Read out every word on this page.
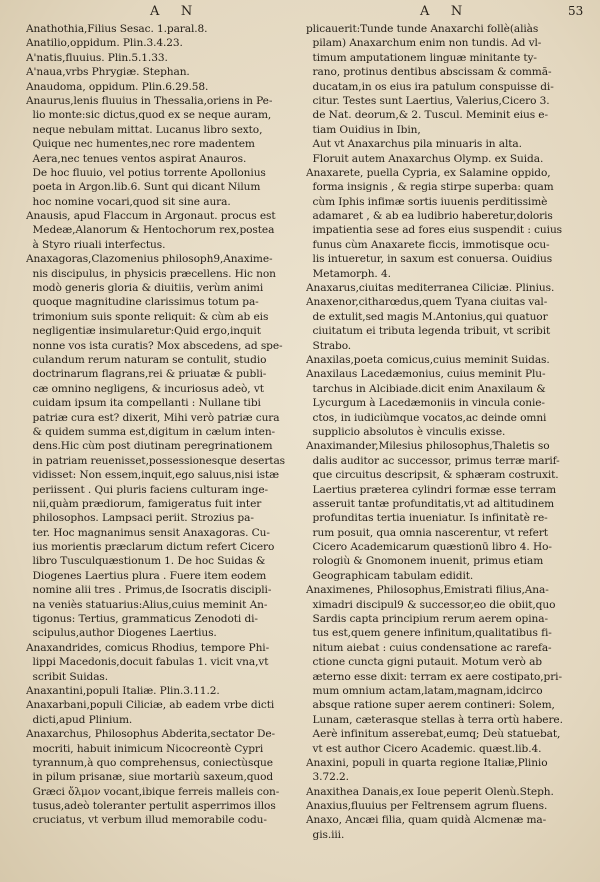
A    N	A    N	53
Anathothia,Filius Sesac. 1.paral.8.
Anatilio,oppidum. Plin.3.4.23.
A'natis,fluuius. Plin.5.1.33.
A'naua,vrbs Phrygiæ. Stephan.
Anaudoma, oppidum. Plin.6.29.58.
Anaurus,lenis fluuius in Thessalia,oriens in Pe-
lio monte:sic dictus,quod ex se neque auram,
neque nebulam mittat. Lucanus libro sexto,
Quique nec humentes,nec rore madentem
Aera,nec tenues ventos aspirat Anauros.
De hoc fluuio, vel potius torrente Apollonius
poeta in Argon.lib.6. Sunt qui dicant Nilum
hoc nomine vocari,quod sit sine aura.
Anausis, apud Flaccum in Argonaut. procus est
Medeæ,Alanorum & Hentochorum rex,postea
à Styro riuali interfectus.
Anaxagoras,Clazomenius philosoph9,Anaxime-
nis discipulus, in physicis præcellens. Hic non
modò generis gloria & diuitiis, verùm animi
quoque magnitudine clarissimus totum pa-
trimonium suis sponte reliquit: & cùm ab eis
negligentiæ insimularetur:Quid ergo,inquit
nonne vos ista curatis? Mox abscedens, ad spe-
culandum rerum naturam se contulit, studio
doctrinarum flagrans,rei & priuatæ & publi-
cæ omnino negligens, & incuriosus adeò, vt
cuidam ipsum ita compellanti : Nullane tibi
patriæ cura est? dixerit, Mihi verò patriæ cura
& quidem summa est,digitum in cælum inten-
dens.Hic cùm post diutinam peregrinationem
in patriam reuenisset,possessionesque desertas
vidisset: Non essem,inquit,ego saluus,nisi istæ
periissent . Qui pluris faciens culturam inge-
nii,quàm prædiorum, famigeratus fuit inter
philosophos. Lampsaci periit. Strozius pa-
ter. Hoc magnanimus sensit Anaxagoras. Cu-
ius morientis præclarum dictum refert Cicero
libro Tusculquæstionum 1. De hoc Suidas &
Diogenes Laertius plura . Fuere item eodem
nomine alii tres . Primus,de Isocratis discipli-
na veniès statuarius:Alius,cuius meminit An-
tigonus: Tertius, grammaticus Zenodoti di-
scipulus,author Diogenes Laertius.
Anaxandrides, comicus Rhodius, tempore Phi-
lippi Macedonis,docuit fabulas 1. vicit vna,vt
scribit Suidas.
Anaxantini,populi Italiæ. Plin.3.11.2.
Anaxarbani,populi Ciliciæ, ab eadem vrbe dicti
dicti,apud Plinium.
Anaxarchus, Philosophus Abderita,sectator De-
mocriti, habuit inimicum Nicocreontè Cypri
tyrannum,à quo comprehensus, coniectùsque
in pilum prisanæ, siue mortariù saxeum,quod
Græci ὄλμον vocant,ibique ferreis malleis con-
tusus,adeò toleranter pertulit asperrimos illos
cruciatus, vt verbum illud memorabile codu-
plicauerit:Tunde tunde Anaxarchi follè(aliàs
pilam) Anaxarchum enim non tundis. Ad vl-
timum amputationem linguæ minitante ty-
rano, protinus dentibus abscissam & commã-
ducatam,in os eius ira patulum conspuisse di-
citur. Testes sunt Laertius, Valerius,Cicero 3.
de Nat. deorum,& 2. Tuscul. Meminit eius e-
tiam Ouidius in Ibin,
Aut vt Anaxarchus pila minuaris in alta.
Floruit autem Anaxarchus Olymp. ex Suida.
Anaxarete, puella Cypria, ex Salamine oppido,
forma insignis , & regia stirpe superba: quam
cùm Iphis infimæ sortis iuuenis perditissimè
adamaret , & ab ea ludibrio haberetur,doloris
impatientia sese ad fores eius suspendit : cuius
funus cùm Anaxarete ficcis, immotisque ocu-
lis intueretur, in saxum est conuersa. Ouidius
Metamorph. 4.
Anaxarus,ciuitas mediterranea Ciliciæ. Plinius.
Anaxenor,citharœdus,quem Tyana ciuitas val-
de extulit,sed magis M.Antonius,qui quatuor
ciuitatum ei tributa legenda tribuit, vt scribit
Strabo.
Anaxilas,poeta comicus,cuius meminit Suidas.
Anaxilaus Lacedæmonius, cuius meminit Plu-
tarchus in Alcibiade.dicit enim Anaxilaum &
Lycurgum à Lacedæmoniis in vincula conie-
ctos, in iudiciùmque vocatos,ac deinde omni
supplicio absolutos è vinculis exisse.
Anaximander,Milesius philosophus,Thaletis so
dalis auditor ac successor, primus terræ marif-
que circuitus descripsit, & sphæram costruxit.
Laertius præterea cylindri formæ esse terram
asseruit tantæ profunditatis,vt ad altitudinem
profunditas tertia inueniatur. Is infinitatè re-
rum posuit, qua omnia nascerentur, vt refert
Cicero Academicarum quæstionū libro 4. Ho-
rologiù & Gnomonem inuenit, primus etiam
Geographicam tabulam edidit.
Anaximenes, Philosophus,Emistrati filius,Ana-
ximadri discipul9 & successor,eo die obiit,quo
Sardis capta principium rerum aerem opina-
tus est,quem genere infinitum,qualitatibus fi-
nitum aiebat : cuius condensatione ac rarefa-
ctione cuncta gigni putauit. Motum verò ab
æterno esse dixit: terram ex aere costipato,pri-
mum omnium actam,latam,magnam,idcirco
absque ratione super aerem contineri: Solem,
Lunam, cæterasque stellas à terra ortù habere.
Aerè infinitum asserebat,eumq; Deù statuebat,
vt est author Cicero Academic. quæst.lib.4.
Anaxini, populi in quarta regione Italiæ,Plinio
3.72.2.
Anaxithea Danais,ex Ioue peperit Olenù.Steph.
Anaxius,fluuius per Feltrensem agrum fluens.
Anaxo, Ancæi filia, quam quidà Alcmenæ ma-
gis.iii.
